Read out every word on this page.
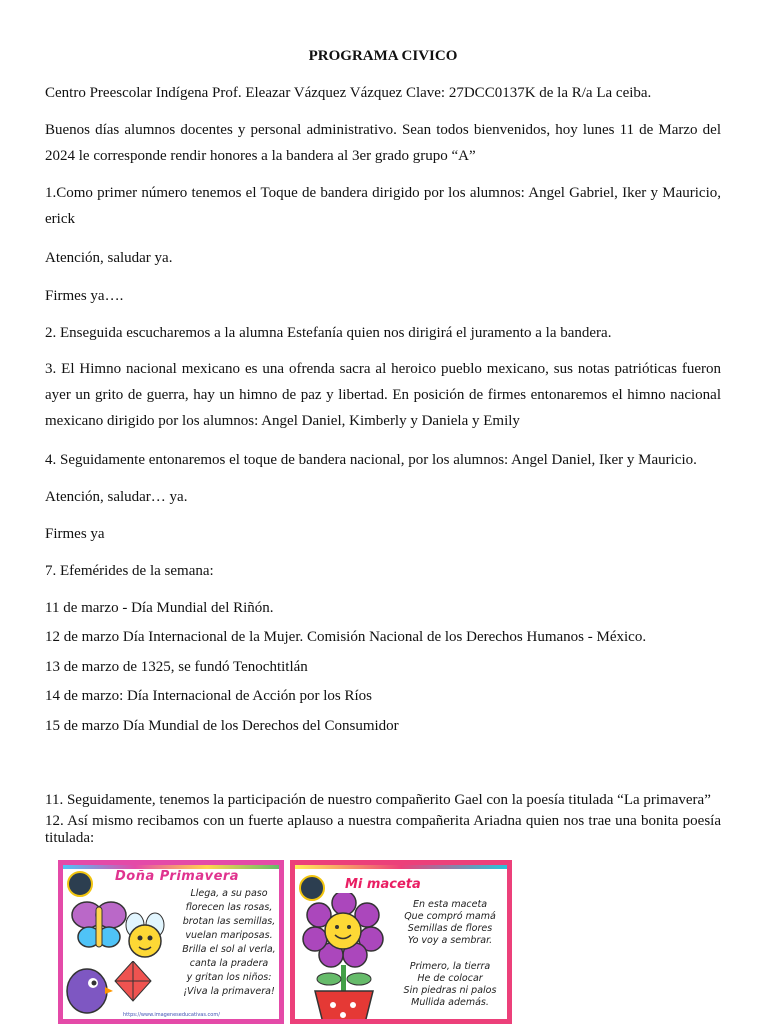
PROGRAMA CIVICO

Centro Preescolar Indígena Prof. Eleazar Vázquez Vázquez Clave: 27DCC0137K de la R/a La ceiba.

Buenos días alumnos docentes y personal administrativo. Sean todos bienvenidos, hoy lunes 11 de Marzo del 2024 le corresponde rendir honores a la bandera al 3er grado grupo “A”

1.Como primer número tenemos el Toque de bandera dirigido por los alumnos: Angel Gabriel, Iker y Mauricio, erick

Atención, saludar ya.

Firmes ya….

2. Enseguida escucharemos a la alumna Estefanía quien nos dirigirá el juramento a la bandera.

3. El Himno nacional mexicano es una ofrenda sacra al heroico pueblo mexicano, sus notas patrióticas fueron ayer un grito de guerra, hay un himno de paz y libertad. En posición de firmes entonaremos el himno nacional mexicano dirigido por los alumnos: Angel Daniel, Kimberly y Daniela y Emily

4. Seguidamente entonaremos el toque de bandera nacional, por los alumnos: Angel Daniel, Iker y Mauricio.

Atención, saludar… ya.

Firmes ya

7. Efemérides de la semana:

11 de marzo - Día Mundial del Riñón.

12 de marzo Día Internacional de la Mujer. Comisión Nacional de los Derechos Humanos - México.

13 de marzo de 1325, se fundó Tenochtitlán

14 de marzo: Día Internacional de Acción por los Ríos

15 de marzo Día Mundial de los Derechos del Consumidor

11. Seguidamente, tenemos la participación de nuestro compañerito Gael con la poesía titulada “La primavera”

12. Así mismo recibamos con un fuerte aplauso a nuestra compañerita Ariadna quien nos trae una bonita poesía titulada:

Doña Primavera
Llega, a su paso
florecen las rosas,
brotan las semillas,
vuelan mariposas.
Brilla el sol al verla,
canta la pradera
y gritan los niños:
¡Viva la primavera!
https://www.imageneseducativas.com/
Mi maceta
En esta maceta
Que compró mamá
Semillas de flores
Yo voy a sembrar.
Primero, la tierra
He de colocar
Sin piedras ni palos
Mullida además.
